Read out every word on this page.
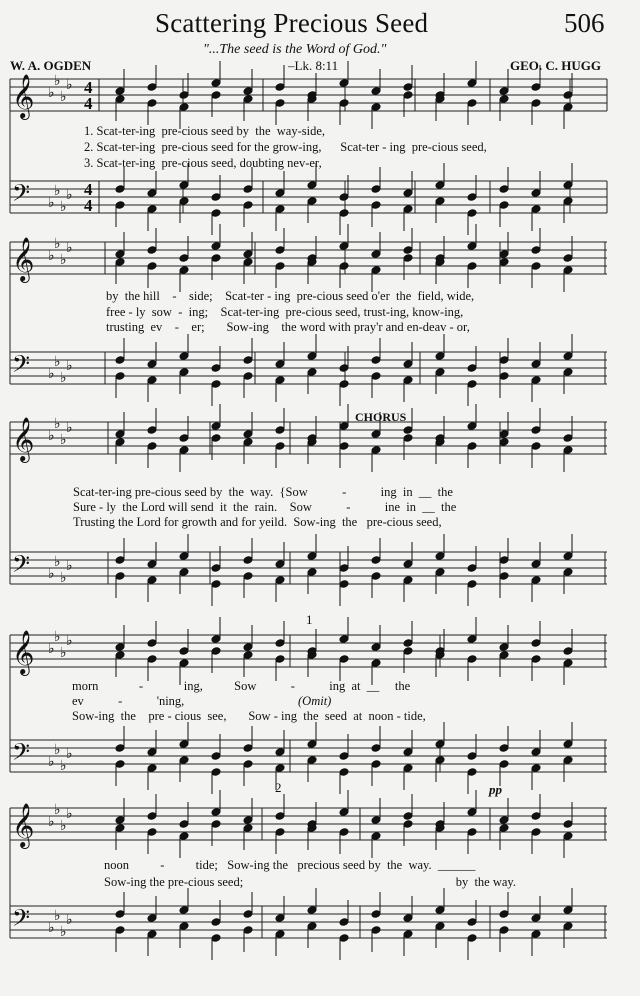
𝄞 ♭
♭
♭
♭ 4
4
𝄢 ♭
♭
♭
♭ 4
4
𝄞 ♭
♭
♭
♭
𝄢 ♭
♭
♭
♭
𝄞 ♭
♭
♭
♭
𝄢 ♭
♭
♭
♭
𝄞 ♭
♭
♭
♭
𝄢 ♭
♭
♭
♭
𝄞 ♭
♭
♭
♭
𝄢 ♭
♭
♭
♭
Scattering Precious Seed	506
"...The seed is the Word of God."
W. A. OGDEN	–Lk. 8:11	GEO. C. HUGG
1. Scat-ter-ing  pre-cious seed by  the  way-side,
2. Scat-ter-ing  pre-cious seed for the grow-ing,      Scat-ter - ing  pre-cious seed,
3. Scat-ter-ing  pre-cious seed, doubting nev-er,
by  the hill    -    side;    Scat-ter - ing  pre-cious seed o'er  the  field, wide,
free - ly  sow  -  ing;    Scat-ter-ing  pre-cious seed, trust-ing, know-ing,
trusting  ev    -    er;       Sow-ing    the word with pray'r and en-deav - or,
CHORUS
Scat-ter-ing pre-cious seed by  the  way.  {Sow           -           ing  in  __  the
Sure - ly  the Lord will send  it  the  rain.    Sow           -           ine  in  __  the
Trusting the Lord for growth and for yeild.  Sow-ing  the   pre-cious seed,
1
morn             -             ing,          Sow           -           ing  at  __     the
ev           -           'ning,	(Omit)
Sow-ing  the    pre - cious  see,       Sow - ing  the  seed  at  noon - tide,
2	pp
noon          -          tide;   Sow-ing the   precious seed by  the  way.  ______
Sow-ing the pre-cious seed;                                                                    by  the way.
